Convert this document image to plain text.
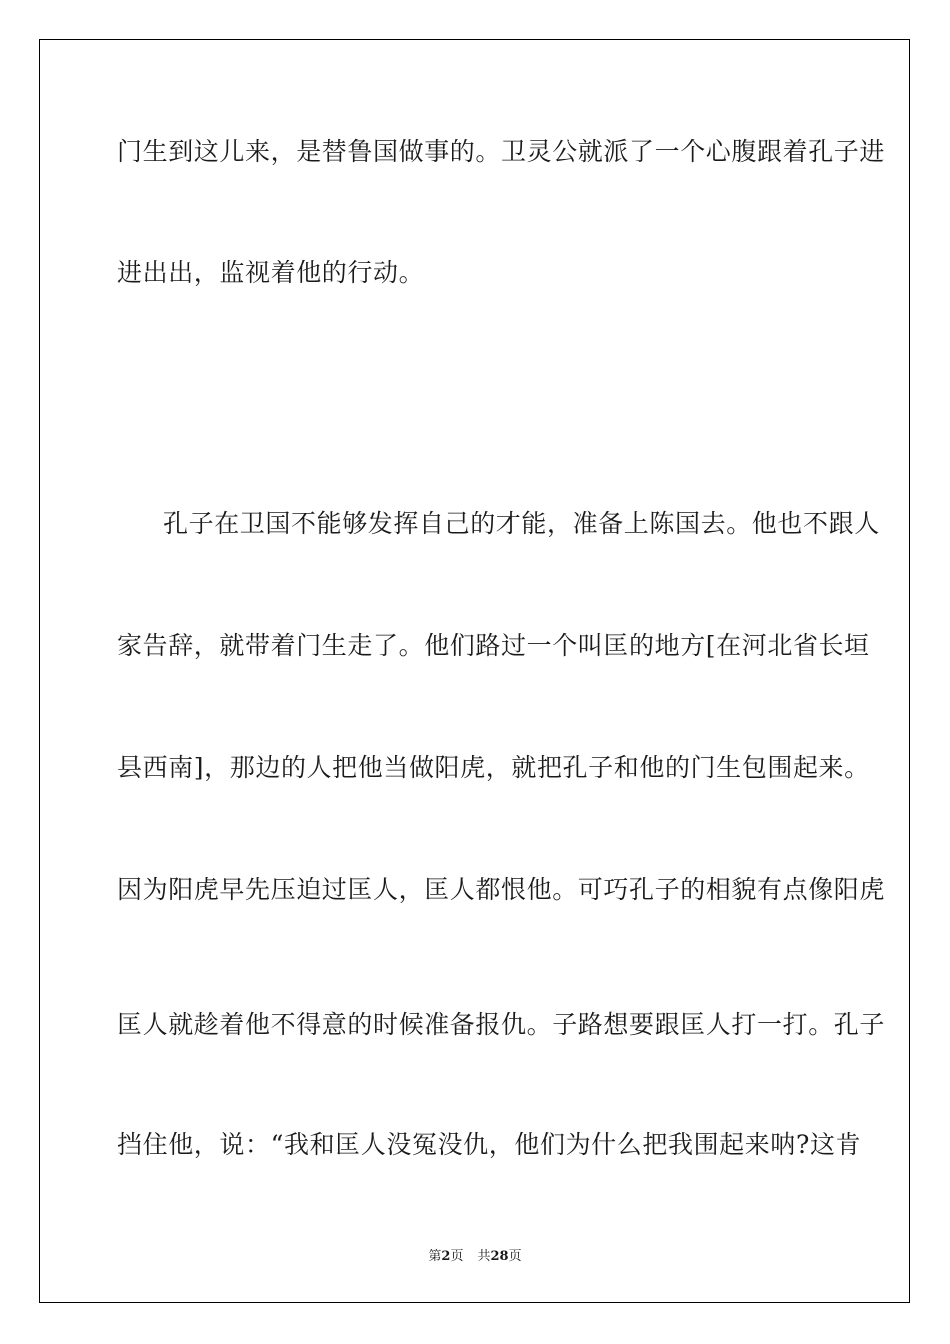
门生到这儿来，是替鲁国做事的。卫灵公就派了一个心腹跟着孔子进
进出出，监视着他的行动。
孔子在卫国不能够发挥自己的才能，准备上陈国去。他也不跟人
家告辞，就带着门生走了。他们路过一个叫匡的地方[在河北省长垣
县西南]，那边的人把他当做阳虎，就把孔子和他的门生包围起来。
因为阳虎早先压迫过匡人，匡人都恨他。可巧孔子的相貌有点像阳虎
匡人就趁着他不得意的时候准备报仇。子路想要跟匡人打一打。孔子
挡住他，说：“我和匡人没冤没仇，他们为什么把我围起来呐?这肯
第2页 共28页
